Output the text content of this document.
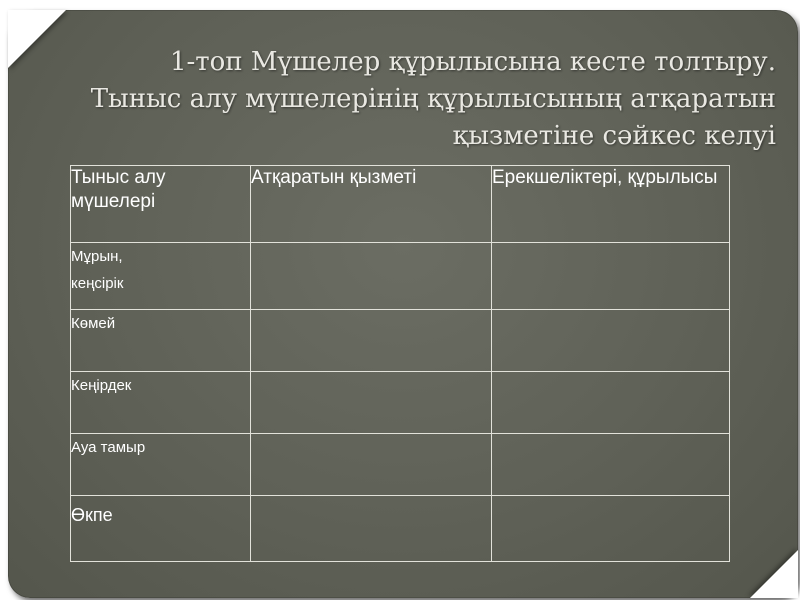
1-топ Мүшелер құрылысына кесте толтыру.
Тыныс алу мүшелерінің құрылысының атқаратын
қызметіне сәйкес келуі
Тыныс алу мүшелері	Атқаратын қызметі	Ерекшеліктері, құрылысы

Мұрын,
кеңсірік		

Көмей		
Кеңірдек		
Ауа тамыр		
Өкпе		
